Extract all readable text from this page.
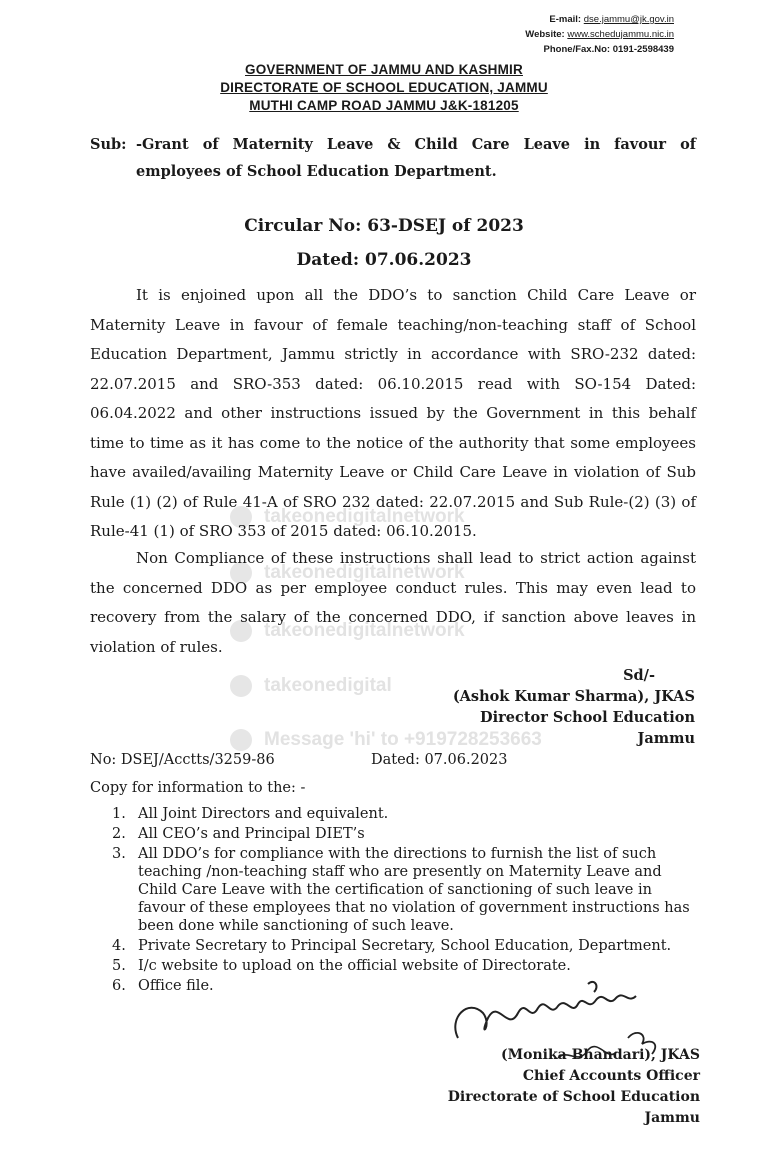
takeonedigitalnetwork
takeonedigitalnetwork
takeonedigitalnetwork
takeonedigital
Message 'hi' to +919728253663
E-mail: dse.jammu@jk.gov.in
Website: www.schedujammu.nic.in
Phone/Fax.No: 0191-2598439
GOVERNMENT OF JAMMU AND KASHMIR
DIRECTORATE OF SCHOOL EDUCATION, JAMMU
MUTHI CAMP ROAD JAMMU J&K-181205
Sub: -Grant of Maternity Leave & Child Care Leave in favour of
employees of School Education Department.
Circular No: 63-DSEJ of 2023
Dated: 07.06.2023
It is enjoined upon all the DDO’s to sanction Child Care Leave or Maternity Leave in favour of female teaching/non-teaching staff of School Education Department, Jammu strictly in accordance with SRO-232 dated: 22.07.2015 and SRO-353 dated: 06.10.2015 read with SO-154 Dated: 06.04.2022 and other instructions issued by the Government in this behalf time to time as it has come to the notice of the authority that some employees have availed/availing Maternity Leave or Child Care Leave in violation of Sub Rule (1) (2) of Rule 41-A of SRO 232 dated: 22.07.2015 and Sub Rule-(2) (3) of Rule-41 (1) of SRO 353 of 2015 dated: 06.10.2015.
Non Compliance of these instructions shall lead to strict action against the concerned DDO as per employee conduct rules. This may even lead to recovery from the salary of the concerned DDO, if sanction above leaves in violation of rules.
Sd/-
(Ashok Kumar Sharma), JKAS
Director School Education
Jammu
No: DSEJ/Acctts/3259-86	Dated: 07.06.2023
Copy for information to the: -
1. All Joint Directors and equivalent.
2. All CEO’s and Principal DIET’s
3. All DDO’s for compliance with the directions to furnish the list of such teaching /non-teaching staff who are presently on Maternity Leave and Child Care Leave with the certification of sanctioning of such leave in favour of these employees that no violation of government instructions has been done while sanctioning of such leave.
4. Private Secretary to Principal Secretary, School Education, Department.
5. I/c website to upload on the official website of Directorate.
6. Office file.
(Monika Bhandari), JKAS
Chief Accounts Officer
Directorate of School Education
Jammu
